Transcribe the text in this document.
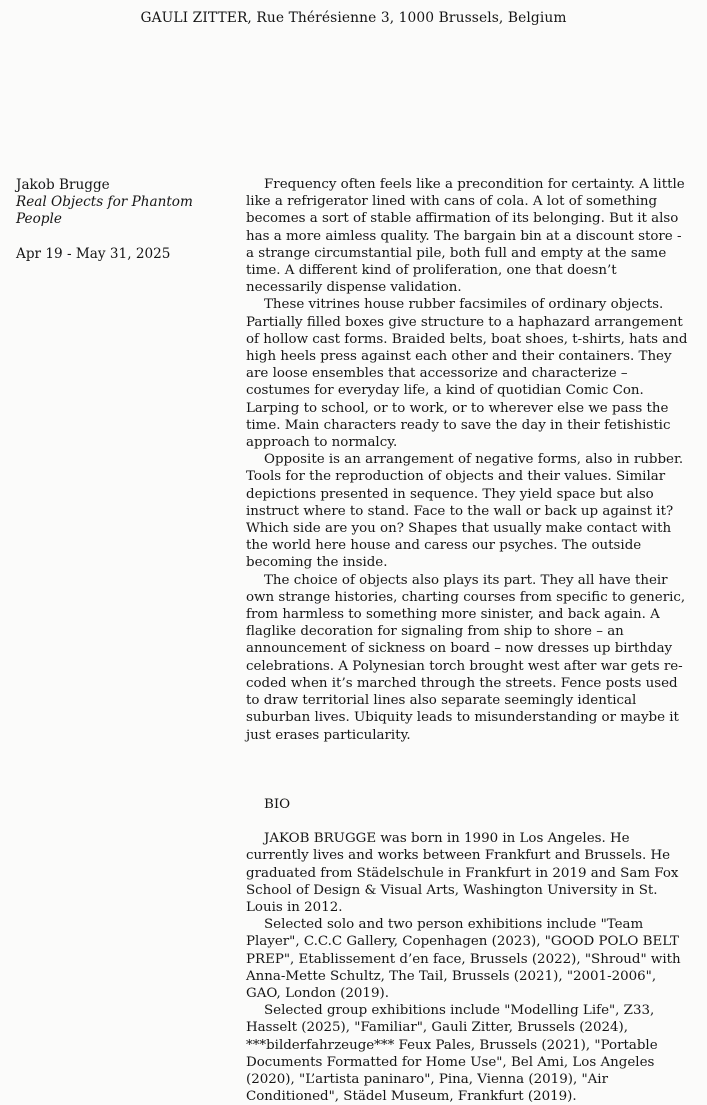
GAULI ZITTER, Rue Thérésienne 3, 1000 Brussels, Belgium
Jakob Brugge
Real Objects for Phantom People
Apr 19 - May 31, 2025

Frequency often feels like a precondition for certainty. A little like a refrigerator lined with cans of cola. A lot of something becomes a sort of stable affirmation of its belonging. But it also has a more aimless quality. The bargain bin at a discount store - a strange circumstantial pile, both full and empty at the same time. A different kind of proliferation, one that doesn’t necessarily dispense validation.

These vitrines house rubber facsimiles of ordinary objects. Partially filled boxes give structure to a haphazard arrangement of hollow cast forms. Braided belts, boat shoes, t-shirts, hats and high heels press against each other and their containers. They are loose ensembles that accessorize and characterize – costumes for everyday life, a kind of quotidian Comic Con. Larping to school, or to work, or to wherever else we pass the time. Main characters ready to save the day in their fetishistic approach to normalcy.

Opposite is an arrangement of negative forms, also in rubber. Tools for the reproduction of objects and their values. Similar depictions presented in sequence. They yield space but also instruct where to stand. Face to the wall or back up against it? Which side are you on? Shapes that usually make contact with the world here house and caress our psyches. The outside becoming the inside.

The choice of objects also plays its part. They all have their own strange histories, charting courses from specific to generic, from harmless to something more sinister, and back again. A flaglike decoration for signaling from ship to shore – an announcement of sickness on board – now dresses up birthday celebrations. A Polynesian torch brought west after war gets re-coded when it’s marched through the streets. Fence posts used to draw territorial lines also separate seemingly identical suburban lives. Ubiquity leads to misunderstanding or maybe it just erases particularity.

BIO

JAKOB BRUGGE was born in 1990 in Los Angeles. He currently lives and works between Frankfurt and Brussels. He graduated from Städelschule in Frankfurt in 2019 and Sam Fox School of Design & Visual Arts, Washington University in St. Louis in 2012.

Selected solo and two person exhibitions include "Team Player", C.C.C Gallery, Copenhagen (2023), "GOOD POLO BELT PREP", Etablissement d’en face, Brussels (2022), "Shroud" with Anna-Mette Schultz, The Tail, Brussels (2021), "2001-2006", GAO, London (2019).

Selected group exhibitions include "Modelling Life", Z33, Hasselt (2025), "Familiar", Gauli Zitter, Brussels (2024), ***bilderfahrzeuge*** Feux Pales, Brussels (2021), "Portable Documents Formatted for Home Use", Bel Ami, Los Angeles (2020), "L’artista paninaro", Pina, Vienna (2019), "Air Conditioned", Städel Museum, Frankfurt (2019).
